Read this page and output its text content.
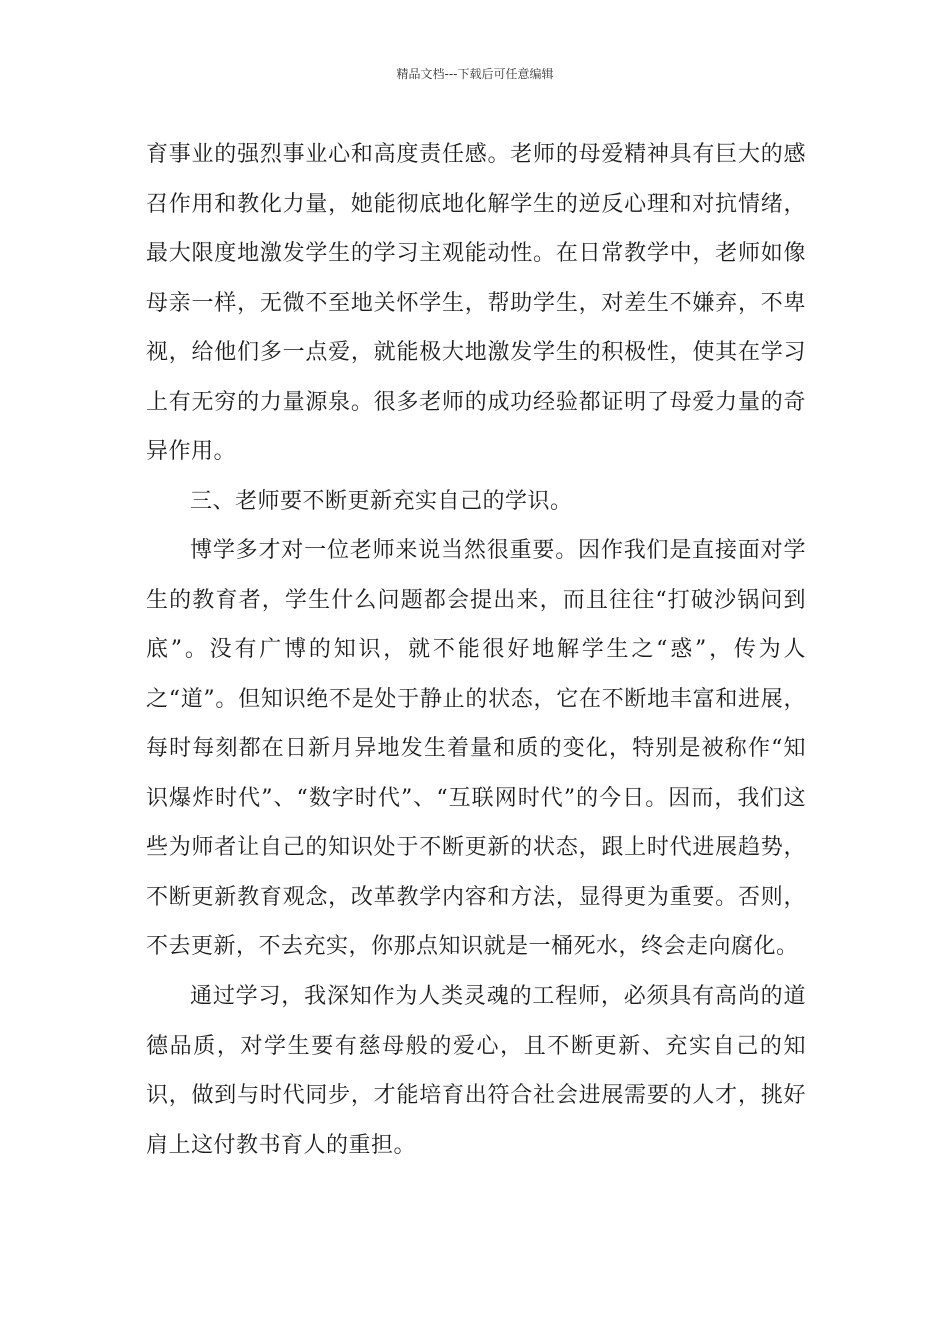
精品文档---下载后可任意编辑

育事业的强烈事业心和高度责任感。老师的母爱精神具有巨大的感召作用和教化力量，她能彻底地化解学生的逆反心理和对抗情绪，最大限度地激发学生的学习主观能动性。在日常教学中，老师如像母亲一样，无微不至地关怀学生，帮助学生，对差生不嫌弃，不卑视，给他们多一点爱，就能极大地激发学生的积极性，使其在学习上有无穷的力量源泉。很多老师的成功经验都证明了母爱力量的奇异作用。

三、老师要不断更新充实自己的学识。

博学多才对一位老师来说当然很重要。因作我们是直接面对学生的教育者，学生什么问题都会提出来，而且往往“打破沙锅问到底”。没有广博的知识，就不能很好地解学生之“惑”，传为人之“道”。但知识绝不是处于静止的状态，它在不断地丰富和进展，每时每刻都在日新月异地发生着量和质的变化，特别是被称作“知识爆炸时代”、“数字时代”、“互联网时代”的今日。因而，我们这些为师者让自己的知识处于不断更新的状态，跟上时代进展趋势，不断更新教育观念，改革教学内容和方法，显得更为重要。否则，不去更新，不去充实，你那点知识就是一桶死水，终会走向腐化。

通过学习，我深知作为人类灵魂的工程师，必须具有高尚的道德品质，对学生要有慈母般的爱心，且不断更新、充实自己的知识，做到与时代同步，才能培育出符合社会进展需要的人才，挑好肩上这付教书育人的重担。
